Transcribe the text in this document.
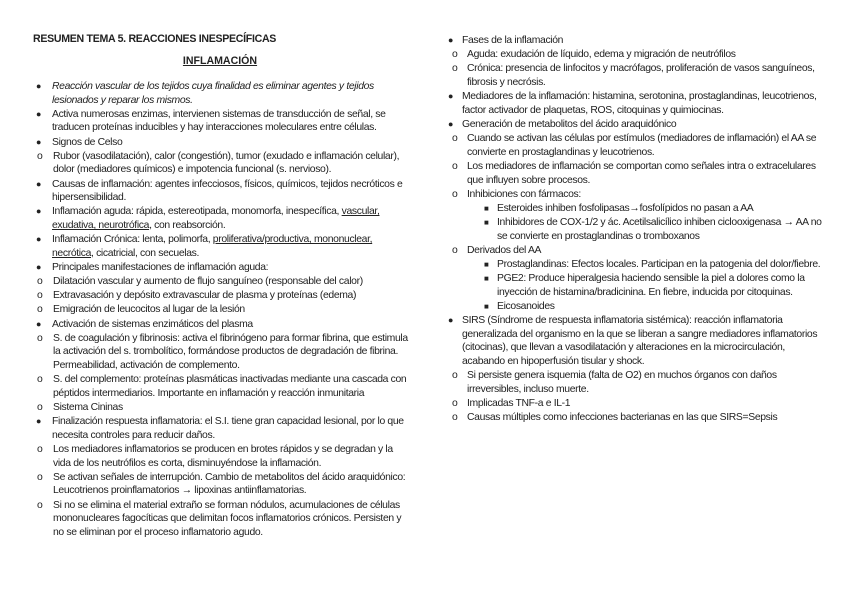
RESUMEN TEMA 5. REACCIONES INESPECÍFICAS
INFLAMACIÓN
● Reacción vascular de los tejidos cuya finalidad es eliminar agentes y tejidos lesionados y reparar los mismos.
● Activa numerosas enzimas, intervienen sistemas de transducción de señal, se traducen proteínas inducibles y hay interacciones moleculares entre células.
● Signos de Celso
o Rubor (vasodilatación), calor (congestión), tumor (exudado e inflamación celular), dolor (mediadores químicos) e impotencia funcional (s. nervioso).
● Causas de inflamación: agentes infecciosos, físicos, químicos, tejidos necróticos e hipersensibilidad.
● Inflamación aguda: rápida, estereotipada, monomorfa, inespecífica, vascular, exudativa, neurotrófica, con reabsorción.
● Inflamación Crónica: lenta, polimorfa, proliferativa/productiva, mononuclear, necrótica, cicatricial, con secuelas.
● Principales manifestaciones de inflamación aguda:
o Dilatación vascular y aumento de flujo sanguíneo (responsable del calor)
o Extravasación y depósito extravascular de plasma y proteínas (edema)
o Emigración de leucocitos al lugar de la lesión
● Activación de sistemas enzimáticos del plasma
o S. de coagulación y fibrinosis: activa el fibrinógeno para formar fibrina, que estimula la activación del s. trombolítico, formándose productos de degradación de fibrina. Permeabilidad, activación de complemento.
o S. del complemento: proteínas plasmáticas inactivadas mediante una cascada con péptidos intermediarios. Importante en inflamación y reacción inmunitaria
o Sistema Cininas
● Finalización respuesta inflamatoria: el S.I. tiene gran capacidad lesional, por lo que necesita controles para reducir daños.
o Los mediadores inflamatorios se producen en brotes rápidos y se degradan y la vida de los neutrófilos es corta, disminuyéndose la inflamación.
o Se activan señales de interrupción. Cambio de metabolitos del ácido araquidónico: Leucotrienos proinflamatorios → lipoxinas antiinflamatorias.
o Si no se elimina el material extraño se forman nódulos, acumulaciones de células mononucleares fagocíticas que delimitan focos inflamatorios crónicos. Persisten y no se eliminan por el proceso inflamatorio agudo.
● Fases de la inflamación
o Aguda: exudación de líquido, edema y migración de neutrófilos
o Crónica: presencia de linfocitos y macrófagos, proliferación de vasos sanguíneos, fibrosis y necrósis.
● Mediadores de la inflamación: histamina, serotonina, prostaglandinas, leucotrienos, factor activador de plaquetas, ROS, citoquinas y quimiocinas.
● Generación de metabolitos del ácido araquidónico
o Cuando se activan las células por estímulos (mediadores de inflamación) el AA se convierte en prostaglandinas y leucotrienos.
o Los mediadores de inflamación se comportan como señales intra o extracelulares que influyen sobre procesos.
o Inhibiciones con fármacos:
■ Esteroides inhiben fosfolipasas→fosfolípidos no pasan a AA
■ Inhibidores de COX-1/2 y ác. Acetilsalicílico inhiben ciclooxigenasa → AA no se convierte en prostaglandinas o tromboxanos
o Derivados del AA
■ Prostaglandinas: Efectos locales. Participan en la patogenia del dolor/fiebre.
■ PGE2: Produce hiperalgesia haciendo sensible la piel a dolores como la inyección de histamina/bradicinina. En fiebre, inducida por citoquinas.
■ Eicosanoides
● SIRS (Síndrome de respuesta inflamatoria sistémica): reacción inflamatoria generalizada del organismo en la que se liberan a sangre mediadores inflamatorios (citocinas), que llevan a vasodilatación y alteraciones en la microcirculación, acabando en hipoperfusión tisular y shock.
o Si persiste genera isquemia (falta de O2) en muchos órganos con daños irreversibles, incluso muerte.
o Implicadas TNF-a e IL-1
o Causas múltiples como infecciones bacterianas en las que SIRS=Sepsis
